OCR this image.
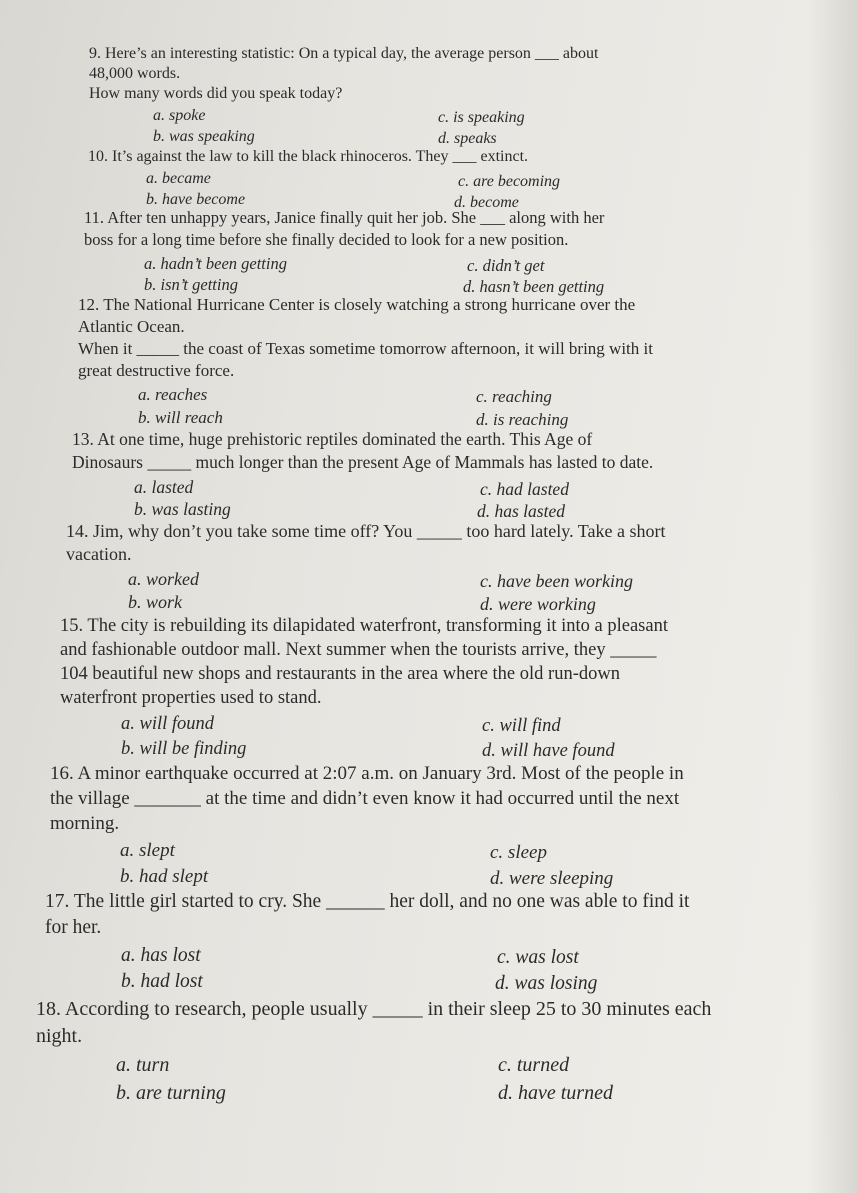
9. Here’s an interesting statistic: On a typical day, the average person ___ about
48,000 words.
How many words did you speak today?
a. spoke	c. is speaking
b. was speaking	d. speaks
10. It’s against the law to kill the black rhinoceros. They ___ extinct.
a. became	c. are becoming
b. have become	d. become
11. After ten unhappy years, Janice finally quit her job. She ___ along with her
boss for a long time before she finally decided to look for a new position.
a. hadn’t been getting	c. didn’t get
b. isn’t getting	d. hasn’t been getting
12. The National Hurricane Center is closely watching a strong hurricane over the
Atlantic Ocean.
When it _____ the coast of Texas sometime tomorrow afternoon, it will bring with it
great destructive force.
a. reaches	c. reaching
b. will reach	d. is reaching
13. At one time, huge prehistoric reptiles dominated the earth. This Age of
Dinosaurs _____ much longer than the present Age of Mammals has lasted to date.
a. lasted	c. had lasted
b. was lasting	d. has lasted
14. Jim, why don’t you take some time off? You _____ too hard lately. Take a short
vacation.
a. worked	c. have been working
b. work	d. were working
15. The city is rebuilding its dilapidated waterfront, transforming it into a pleasant
and fashionable outdoor mall. Next summer when the tourists arrive, they _____
104 beautiful new shops and restaurants in the area where the old run-down
waterfront properties used to stand.
a. will found	c. will find
b. will be finding	d. will have found
16. A minor earthquake occurred at 2:07 a.m. on January 3rd. Most of the people in
the village _______ at the time and didn’t even know it had occurred until the next
morning.
a. slept	c. sleep
b. had slept	d. were sleeping
17. The little girl started to cry. She ______ her doll, and no one was able to find it
for her.
a. has lost	c. was lost
b. had lost	d. was losing
18. According to research, people usually _____ in their sleep 25 to 30 minutes each
night.
a. turn	c. turned
b. are turning	d. have turned
